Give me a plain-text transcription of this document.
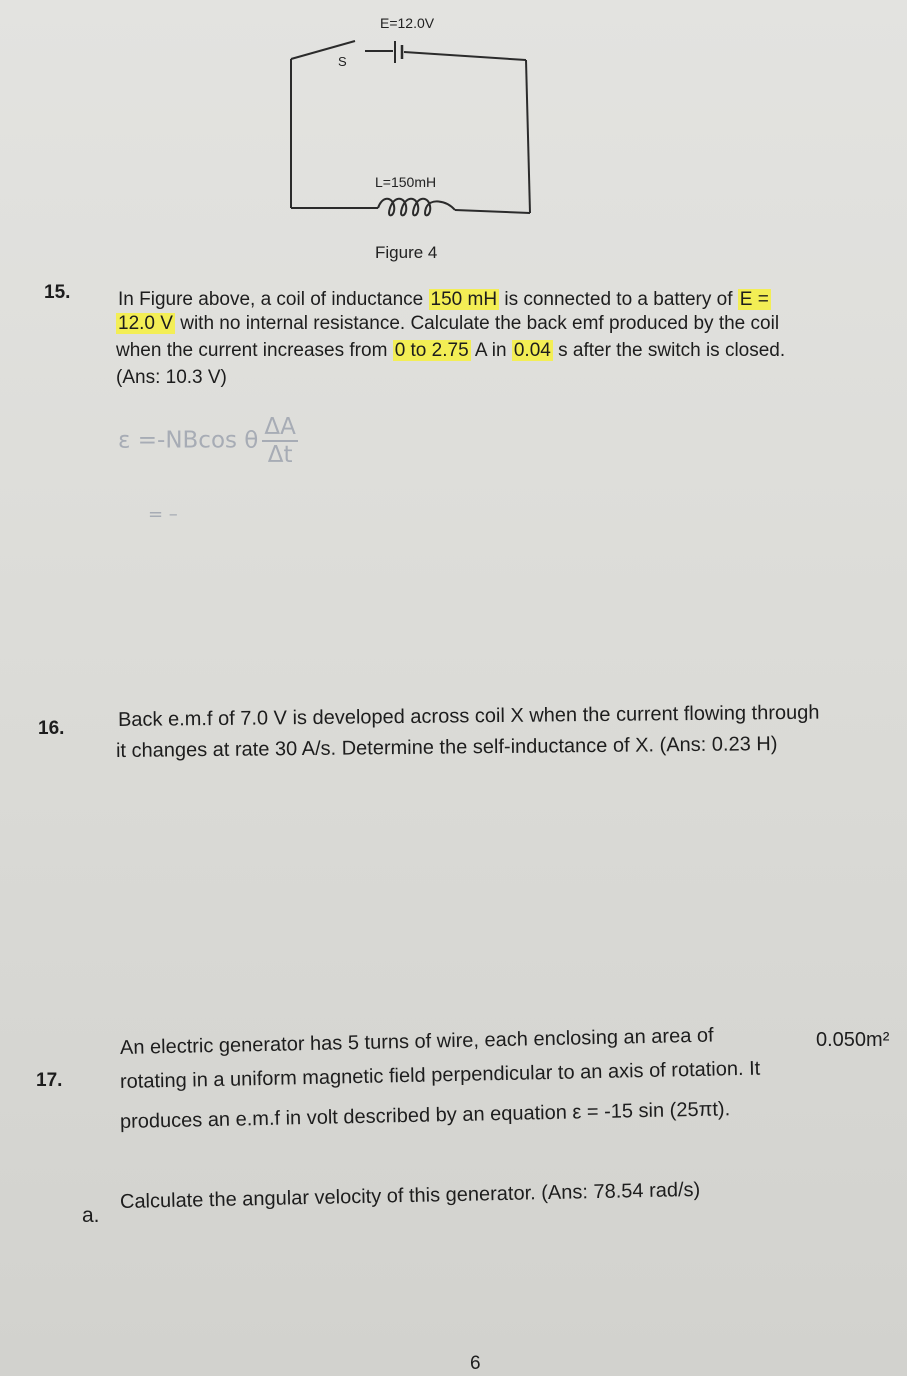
S
E=12.0V
L=150mH
Figure 4
15.	In Figure above, a coil of inductance 150 mH is connected to a battery of E =
12.0 V with no internal resistance. Calculate the back emf produced by the coil
when the current increases from 0 to 2.75 A in 0.04 s after the switch is closed.
(Ans: 10.3 V)
ε =-NBcos θ $\frac{\Delta A}{\Delta t}$
= –
16.	Back e.m.f of 7.0 V is developed across coil X when the current flowing through
it changes at rate 30 A/s. Determine the self-inductance of X. (Ans: 0.23 H)
17.
An electric generator has 5 turns of wire, each enclosing an area of	0.050m²
rotating in a uniform magnetic field perpendicular to an axis of rotation. It
produces an e.m.f in volt described by an equation ε = -15 sin (25πt).
a.
Calculate the angular velocity of this generator. (Ans: 78.54 rad/s)
6
